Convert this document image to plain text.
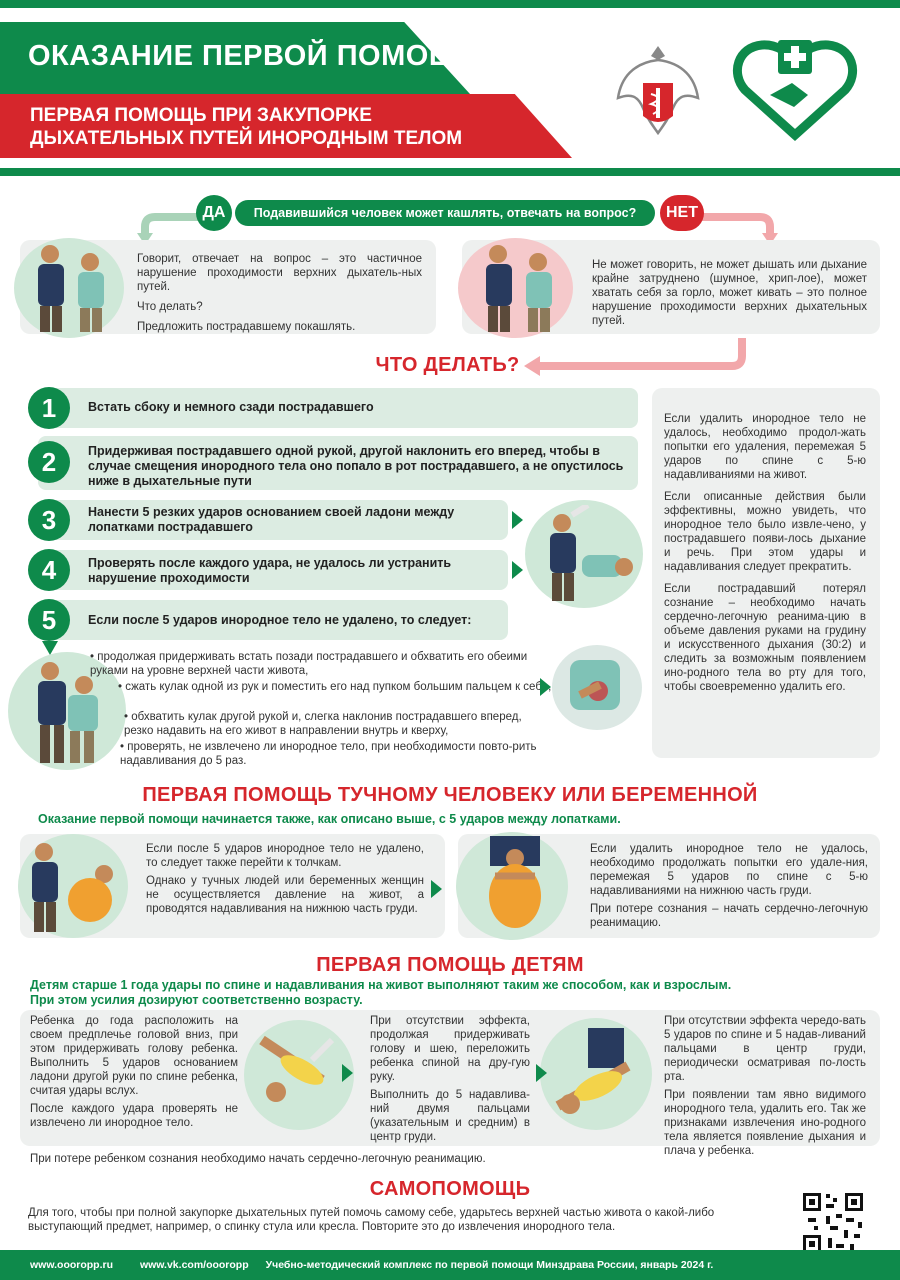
ОКАЗАНИЕ ПЕРВОЙ ПОМОЩИ
ПЕРВАЯ ПОМОЩЬ ПРИ ЗАКУПОРКЕ
ДЫХАТЕЛЬНЫХ ПУТЕЙ ИНОРОДНЫМ ТЕЛОМ
ДА	Подавившийся человек может кашлять, отвечать на вопрос?	НЕТ
Говорит, отвечает на вопрос – это частичное нарушение проходимости верхних дыхатель-ных путей.
Что делать?
Предложить пострадавшему покашлять.
Не может говорить, не может дышать или дыхание крайне затруднено (шумное, хрип-лое), может хватать себя за горло, может кивать – это полное нарушение проходимости верхних дыхательных путей.
ЧТО ДЕЛАТЬ?
1	Встать сбоку и немного сзади пострадавшего
2	Придерживая пострадавшего одной рукой, другой наклонить его вперед, чтобы в случае смещения инородного тела оно попало в рот пострадавшего, а не опустилось ниже в дыхательные пути
3	Нанести 5 резких ударов основанием своей ладони между лопатками пострадавшего
4	Проверять после каждого удара, не удалось ли устранить нарушение проходимости
5	Если после 5 ударов инородное тело не удалено, то следует:
• продолжая придерживать встать позади пострадавшего и обхватить его обеими руками на уровне верхней части живота,
• сжать кулак одной из рук и поместить его над пупком большим пальцем к себе,
• обхватить кулак другой рукой и, слегка наклонив пострадавшего вперед, резко надавить на его живот в направлении внутрь и кверху,
• проверять, не извлечено ли инородное тело, при необходимости повто-рить надавливания до 5 раз.
Если удалить инородное тело не удалось, необходимо продол-жать попытки его удаления, перемежая 5 ударов по спине с 5-ю надавливаниями на живот.
Если описанные действия были эффективны, можно увидеть, что инородное тело было извле-чено, у пострадавшего появи-лось дыхание и речь. При этом удары и надавливания следует прекратить.
Если пострадавший потерял сознание – необходимо начать сердечно-легочную реанима-цию в объеме давления руками на грудину и искусственного дыхания (30:2) и следить за возможным появлением ино-родного тела во рту для того, чтобы своевременно удалить его.
ПЕРВАЯ ПОМОЩЬ ТУЧНОМУ ЧЕЛОВЕКУ ИЛИ БЕРЕМЕННОЙ
Оказание первой помощи начинается также, как описано выше, с 5 ударов между лопатками.
Если после 5 ударов инородное тело не удалено, то следует также перейти к толчкам.
Однако у тучных людей или беременных женщин не осуществляется давление на живот, а проводятся надавливания на нижнюю часть груди.
Если удалить инородное тело не удалось, необходимо продолжать попытки его удале-ния, перемежая 5 ударов по спине с 5-ю надавливаниями на нижнюю часть груди.
При потере сознания – начать сердечно-легочную реанимацию.
ПЕРВАЯ ПОМОЩЬ ДЕТЯМ
Детям старше 1 года удары по спине и надавливания на живот выполняют таким же способом, как и взрослым.
При этом усилия дозируют соответственно возрасту.
Ребенка до года расположить на своем предплечье головой вниз, при этом придерживать голову ребенка. Выполнить 5 ударов основанием ладони другой руки по спине ребенка, считая удары вслух.
После каждого удара проверять не извлечено ли инородное тело.
При отсутствии эффекта, продолжая придерживать голову и шею, переложить ребенка спиной на дру-гую руку.
Выполнить до 5 надавлива-ний двумя пальцами (указательным и средним) в центр груди.
При отсутствии эффекта чередо-вать 5 ударов по спине и 5 надав-ливаний пальцами в центр груди, периодически осматривая по-лость рта.
При появлении там явно видимого инородного тела, удалить его. Так же признаками извлечения ино-родного тела является появление дыхания и плача у ребенка.
При потере ребенком сознания необходимо начать сердечно-легочную реанимацию.
САМОПОМОЩЬ
Для того, чтобы при полной закупорке дыхательных путей помочь самому себе, ударьтесь верхней частью живота о какой-либо выступающий предмет, например, о спинку стула или кресла. Повторите это до извлечения инородного тела.
www.oooropp.ru	www.vk.com/oooropp Учебно-методический комплекс по первой помощи Минздрава России, январь 2024 г.
